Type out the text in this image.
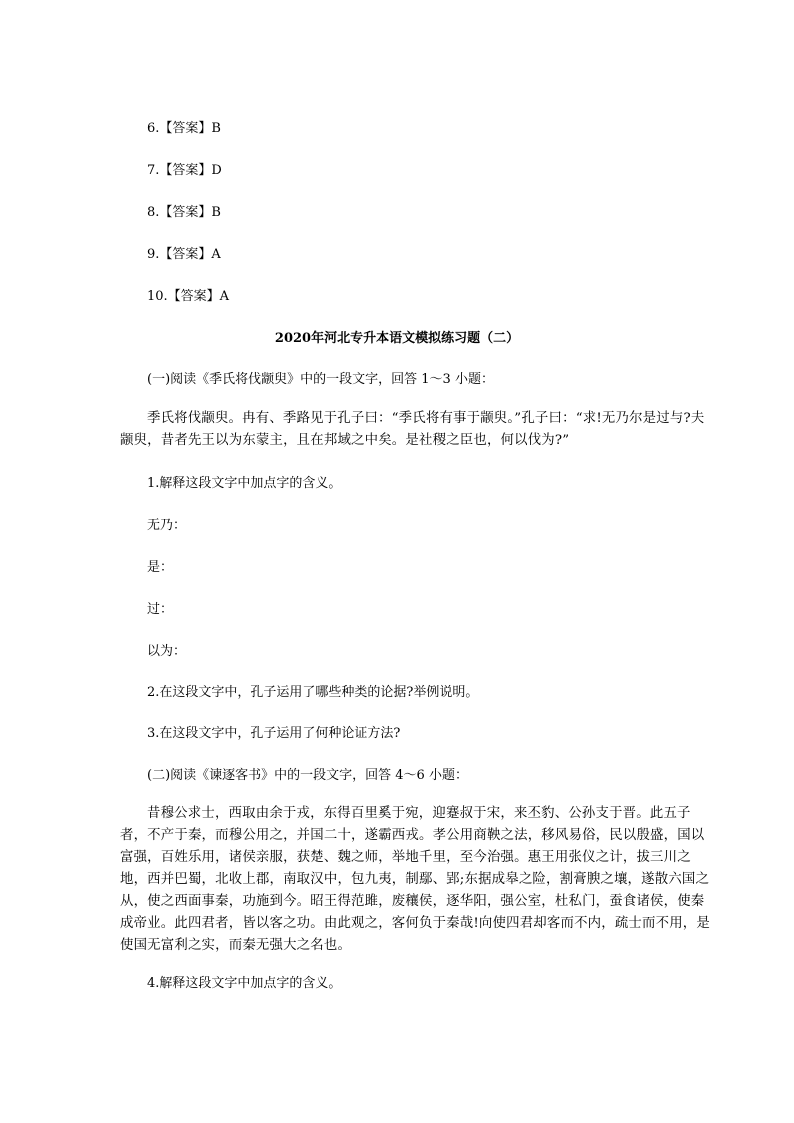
6.【答案】B
7.【答案】D
8.【答案】B
9.【答案】A
10.【答案】A
2020年河北专升本语文模拟练习题（二）
(一)阅读《季氏将伐颛臾》中的一段文字，回答 1～3 小题：
季氏将伐颛臾。冉有、季路见于孔子曰：“季氏将有事于颛臾。”孔子曰：“求!无乃尔是过与?夫颛臾，昔者先王以为东蒙主，且在邦域之中矣。是社稷之臣也，何以伐为?”
1.解释这段文字中加点字的含义。
无乃：
是：
过：
以为：
2.在这段文字中，孔子运用了哪些种类的论据?举例说明。
3.在这段文字中，孔子运用了何种论证方法?
(二)阅读《谏逐客书》中的一段文字，回答 4～6 小题：
昔穆公求士，西取由余于戎，东得百里奚于宛，迎蹇叔于宋，来丕豹、公孙支于晋。此五子者，不产于秦，而穆公用之，并国二十，遂霸西戎。孝公用商鞅之法，移风易俗，民以殷盛，国以富强，百姓乐用，诸侯亲服，获楚、魏之师，举地千里，至今治强。惠王用张仪之计，拔三川之地，西并巴蜀，北收上郡，南取汉中，包九夷，制鄢、郢;东据成皋之险，割膏腴之壤，遂散六国之从，使之西面事秦，功施到今。昭王得范雎，废穰侯，逐华阳，强公室，杜私门，蚕食诸侯，使秦成帝业。此四君者，皆以客之功。由此观之，客何负于秦哉!向使四君却客而不内，疏士而不用，是使国无富利之实，而秦无强大之名也。
4.解释这段文字中加点字的含义。
